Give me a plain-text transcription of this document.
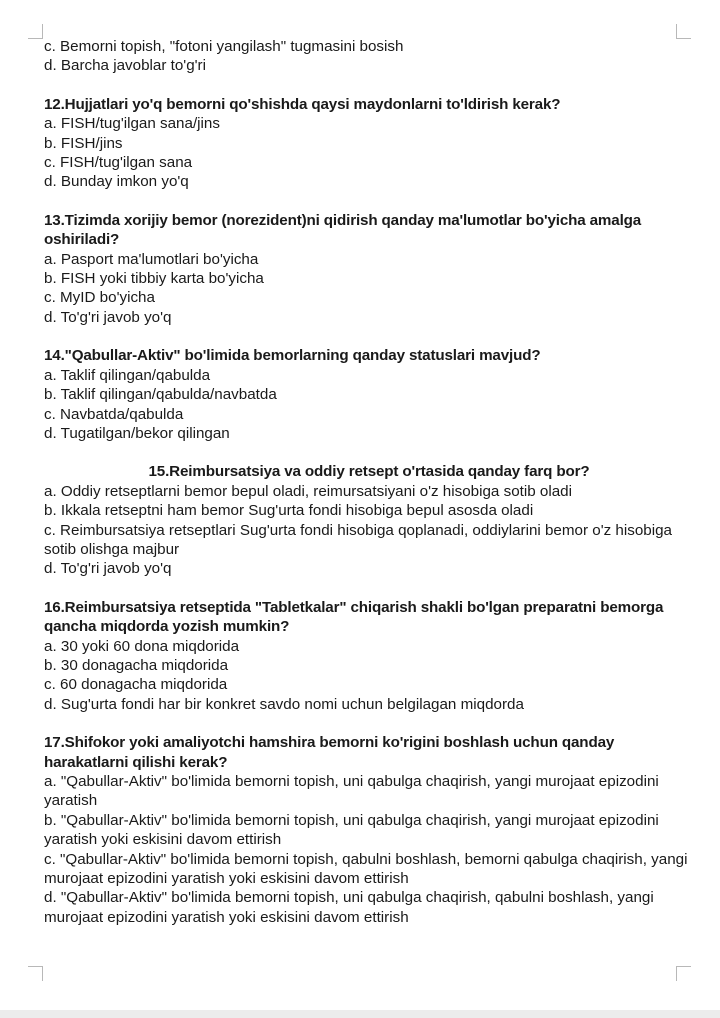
c. Bemorni topish, "fotoni yangilash" tugmasini bosish
d. Barcha javoblar to'g'ri
12.Hujjatlari yo'q bemorni qo'shishda qaysi maydonlarni to'ldirish kerak?
a. FISH/tug'ilgan sana/jins
b. FISH/jins
c. FISH/tug'ilgan sana
d. Bunday imkon yo'q
13.Tizimda xorijiy bemor (norezident)ni qidirish qanday ma'lumotlar bo'yicha amalga oshiriladi?
a. Pasport ma'lumotlari bo'yicha
b. FISH yoki tibbiy karta bo'yicha
c. MyID bo'yicha
d. To'g'ri javob yo'q
14."Qabullar-Aktiv" bo'limida bemorlarning qanday statuslari mavjud?
a. Taklif qilingan/qabulda
b. Taklif qilingan/qabulda/navbatda
c. Navbatda/qabulda
d. Tugatilgan/bekor qilingan
15.Reimbursatsiya va oddiy retsept o'rtasida qanday farq bor?
a. Oddiy retseptlarni bemor bepul oladi, reimursatsiyani o'z hisobiga sotib oladi
b. Ikkala retseptni ham bemor Sug'urta fondi hisobiga bepul asosda oladi
c. Reimbursatsiya retseptlari Sug'urta fondi hisobiga qoplanadi, oddiylarini bemor o'z hisobiga sotib olishga majbur
d. To'g'ri javob yo'q
16.Reimbursatsiya retseptida "Tabletkalar" chiqarish shakli bo'lgan preparatni bemorga qancha miqdorda yozish mumkin?
a. 30 yoki 60 dona miqdorida
b. 30 donagacha miqdorida
c. 60 donagacha miqdorida
d. Sug'urta fondi har bir konkret savdo nomi uchun belgilagan miqdorda
17.Shifokor yoki amaliyotchi hamshira bemorni ko'rigini boshlash uchun qanday harakatlarni qilishi kerak?
a. "Qabullar-Aktiv" bo'limida bemorni topish, uni qabulga chaqirish, yangi murojaat epizodini yaratish
b. "Qabullar-Aktiv" bo'limida bemorni topish, uni qabulga chaqirish, yangi murojaat epizodini yaratish yoki eskisini davom ettirish
c. "Qabullar-Aktiv" bo'limida bemorni topish, qabulni boshlash, bemorni qabulga chaqirish, yangi murojaat epizodini yaratish yoki eskisini davom ettirish
d. "Qabullar-Aktiv" bo'limida bemorni topish, uni qabulga chaqirish, qabulni boshlash, yangi murojaat epizodini yaratish yoki eskisini davom ettirish
